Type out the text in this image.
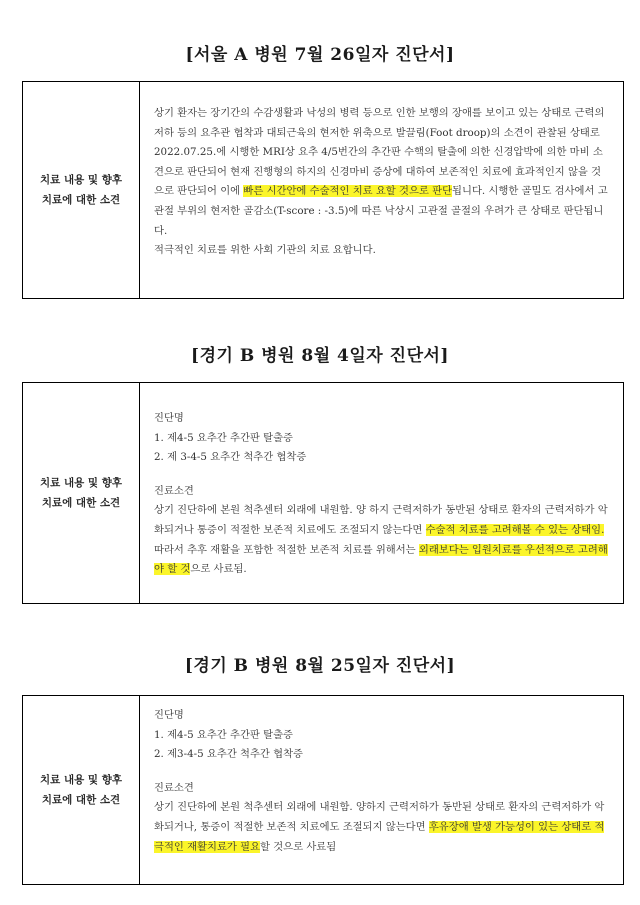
[서울 A 병원 7월 26일자 진단서]
치료 내용 및 향후
치료에 대한 소견

상기 환자는 장기간의 수감생활과 낙성의 병력 등으로 인한 보행의 장애를 보이고 있는 상태로 근력의 저하 등의 요추관 협착과 대퇴근육의 현저한 위축으로 발끌림(Foot droop)의 소견이 관찰된 상태로 2022.07.25.에 시행한 MRI상 요추 4/5번간의 추간판 수핵의 탈출에 의한 신경압박에 의한 마비 소견으로 판단되어 현재 진행형의 하지의 신경마비 증상에 대하여 보존적인 치료에 효과적인지 않을 것으로 판단되어 이에 빠른 시간안에 수술적인 치료 요할 것으로 판단됩니다. 시행한 골밀도 검사에서 고관절 부위의 현저한 골감소(T-score : -3.5)에 따른 낙상시 고관절 골절의 우려가 큰 상태로 판단됩니다.

적극적인 치료를 위한 사회 기관의 치료 요합니다.

[경기 B 병원 8월 4일자 진단서]
치료 내용 및 향후
치료에 대한 소견

진단명

1. 제4-5 요추간 추간판 탈출증

2. 제 3-4-5 요추간 척추간 협착증

진료소견

상기 진단하에 본원 척추센터 외래에 내원함. 양 하지 근력저하가 동반된 상태로 환자의 근력저하가 악화되거나 통증이 적절한 보존적 치료에도 조절되지 않는다면 수술적 치료를 고려해볼 수 있는 상태임. 따라서 추후 재활을 포함한 적절한 보존적 치료를 위해서는 외래보다는 입원치료를 우선적으로 고려해야 할 것으로 사료됨.

[경기 B 병원 8월 25일자 진단서]
치료 내용 및 향후
치료에 대한 소견

진단명

1. 제4-5 요추간 추간판 탈출증

2. 제3-4-5 요추간 척추간 협착증

진료소견

상기 진단하에 본원 척추센터 외래에 내원함. 양하지 근력저하가 동반된 상태로 환자의 근력저하가 악화되거나, 통증이 적절한 보존적 치료에도 조절되지 않는다면 후유장애 발생 가능성이 있는 상태로 적극적인 재활치료가 필요할 것으로 사료됨
